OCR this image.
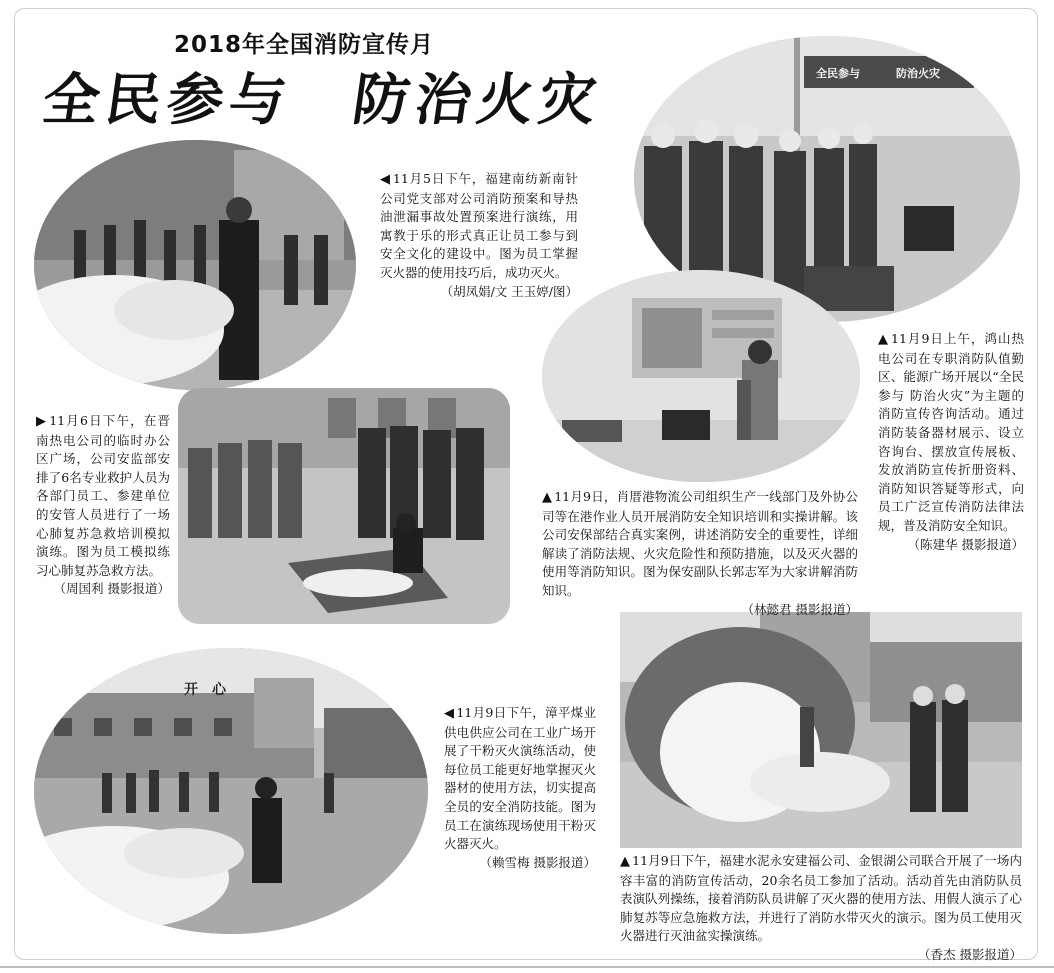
2018年全国消防宣传月
全民参与　防治火灾	全民参与	防治火灾
开　心
◀ 11月5日下午，福建南纺新南针公司党支部对公司消防预案和导热油泄漏事故处置预案进行演练，用寓教于乐的形式真正让员工参与到安全文化的建设中。图为员工掌握灭火器的使用技巧后，成功灭火。
（胡凤娟/文 王玉婷/图）
▲ 11月9日上午，鸿山热电公司在专职消防队值勤区、能源广场开展以“全民参与 防治火灾”为主题的消防宣传咨询活动。通过消防装备器材展示、设立咨询台、摆放宣传展板、发放消防宣传折册资料、消防知识答疑等形式，向员工广泛宣传消防法律法规，普及消防安全知识。
（陈建华 摄影报道）
▶ 11月6日下午，在晋南热电公司的临时办公区广场，公司安监部安排了6名专业救护人员为各部门员工、参建单位的安管人员进行了一场心肺复苏急救培训模拟演练。图为员工模拟练习心肺复苏急救方法。
（周国利 摄影报道）
▲ 11月9日，肖厝港物流公司组织生产一线部门及外协公司等在港作业人员开展消防安全知识培训和实操讲解。该公司安保部结合真实案例，讲述消防安全的重要性，详细解读了消防法规、火灾危险性和预防措施，以及灭火器的使用等消防知识。图为保安副队长郭志军为大家讲解消防知识。
（林懿君 摄影报道）
◀ 11月9日下午，漳平煤业供电供应公司在工业广场开展了干粉灭火演练活动，使每位员工能更好地掌握灭火器材的使用方法，切实提高全员的安全消防技能。图为员工在演练现场使用干粉灭火器灭火。
（赖雪梅 摄影报道） ▲ 11月9日下午，福建水泥永安建福公司、金银湖公司联合开展了一场内容丰富的消防宣传活动，20余名员工参加了活动。活动首先由消防队员表演队列操练，接着消防队员讲解了灭火器的使用方法、用假人演示了心肺复苏等应急施救方法，并进行了消防水带灭火的演示。图为员工使用灭火器进行灭油盆实操演练。
（香杰 摄影报道）
